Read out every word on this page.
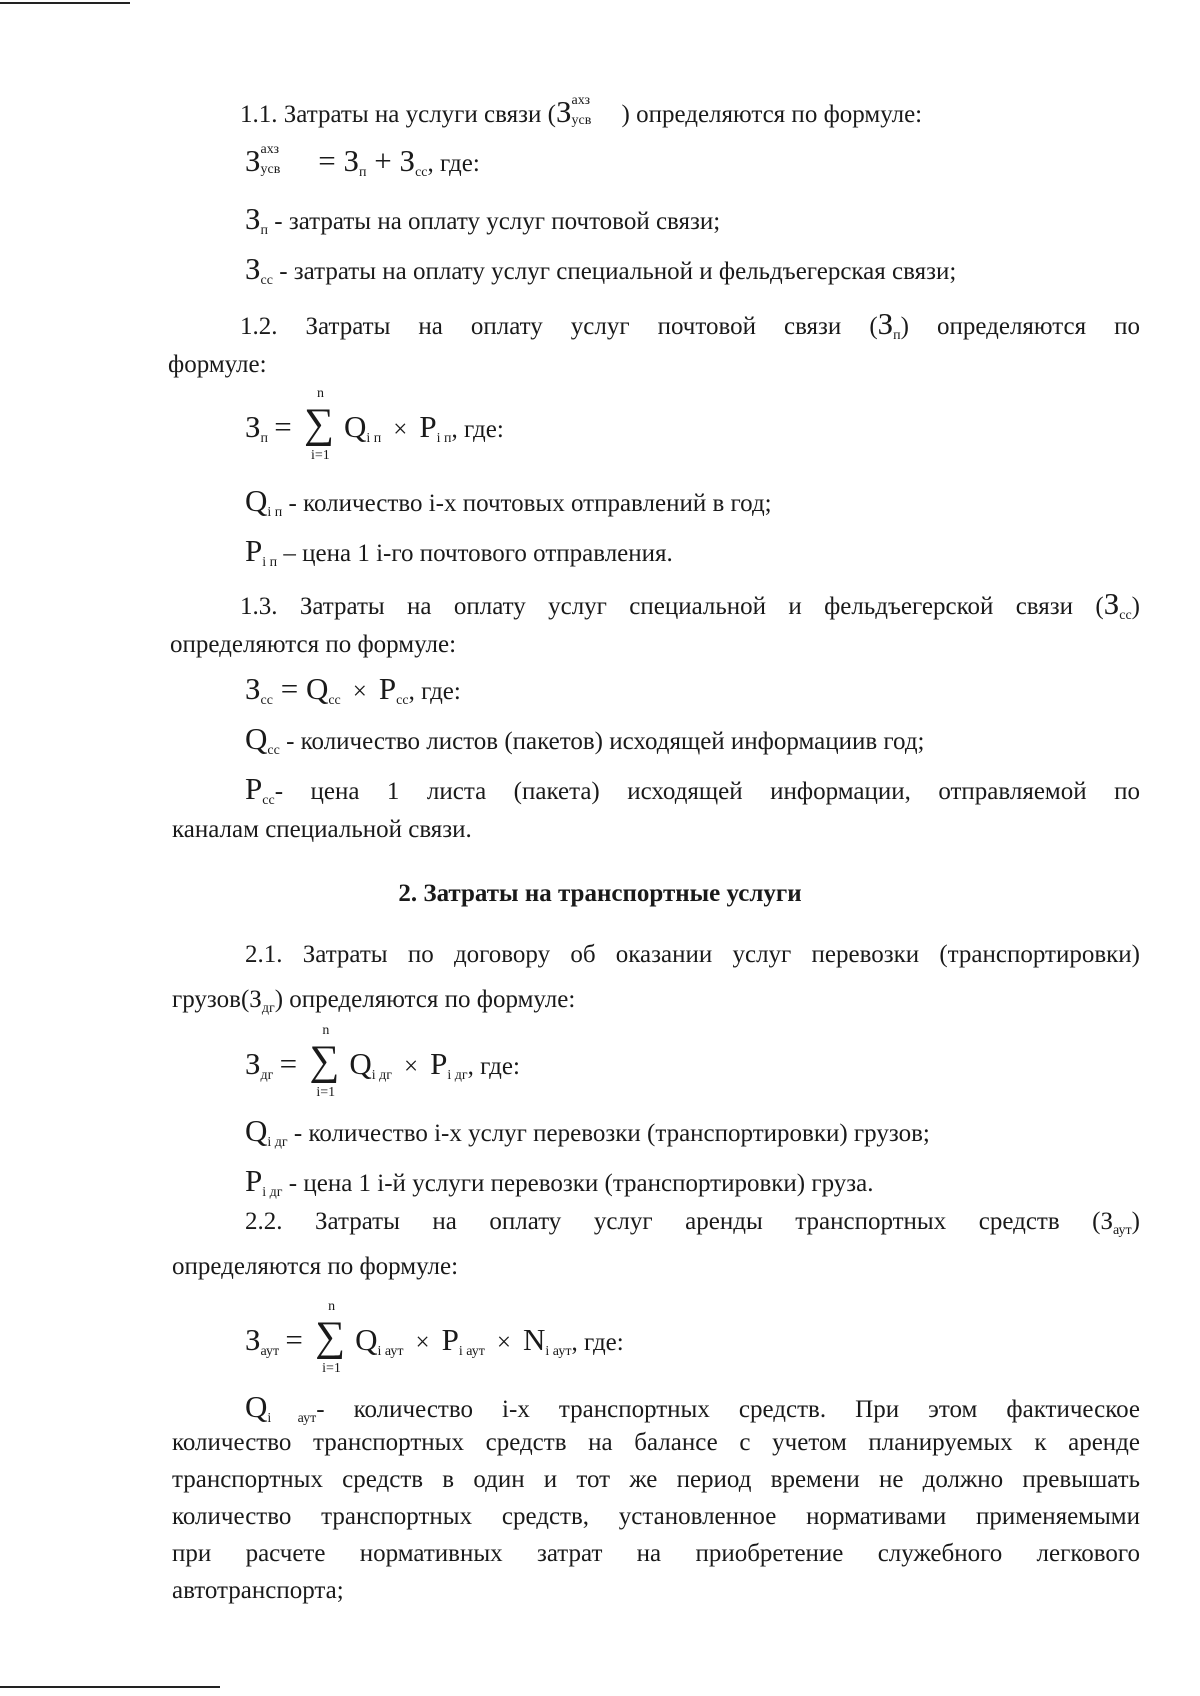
1.1. Затраты на услуги связи (З ахз
усв ) определяются по формуле:
З ахз
усв = $З_п + З_{сс}$, где:
$З_п$ - затраты на оплату услуг почтовой связи;
$З_{сс}$ - затраты на оплату услуг специальной и фельдъегерская связи;
1.2. Затраты на оплату услуг почтовой связи $(З_п)$ определяются по
формуле:
$З_п$ =
n
∑
i=1
$Q_{i п} \times P_{i п}$, где:
$Q_{i п}$ - количество i-х почтовых отправлений в год;
$P_{i п}$ – цена 1 i-го почтового отправления.
1.3. Затраты на оплату услуг специальной и фельдъегерской связи $(З_{сс})$
определяются по формуле:
$З_{сс} = Q_{сс} \times P_{сс}$, где:
$Q_{сс}$ - количество листов (пакетов) исходящей информациив год;
$P_{сс}-$ цена 1 листа (пакета) исходящей информации, отправляемой по
каналам специальной связи.
2. Затраты на транспортные услуги
2.1. Затраты по договору об оказании услуг перевозки (транспортировки)
$грузов(З_{дг})$ определяются по формуле:
$З_{дг}$ =
n
∑
i=1
$Q_{i дг} \times P_{i дг}$, где:
$Q_{i дг}$ - количество i-х услуг перевозки (транспортировки) грузов;
$P_{i дг}$ - цена 1 i-й услуги перевозки (транспортировки) груза.
2.2. Затраты на оплату услуг аренды транспортных средств $(З_{аут})$
определяются по формуле:
$З_{аут}$ =
n
∑
i=1
$Q_{i аут} \times P_{i аут} \times N_{i аут}$, где:
$Q_{i аут}-$ количество i-х транспортных средств. При этом фактическое
количество транспортных средств на балансе с учетом планируемых к аренде
транспортных средств в один и тот же период времени не должно превышать
количество транспортных средств, установленное нормативами применяемыми
при расчете нормативных затрат на приобретение служебного легкового
автотранспорта;
